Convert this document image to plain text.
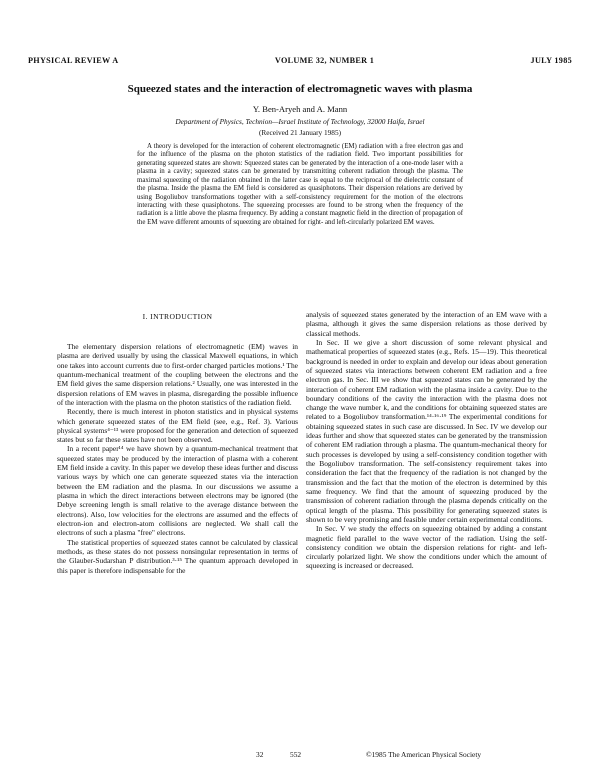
PHYSICAL REVIEW A	VOLUME 32, NUMBER 1	JULY 1985
Squeezed states and the interaction of electromagnetic waves with plasma
Y. Ben-Aryeh and A. Mann
Department of Physics, Technion—Israel Institute of Technology, 32000 Haifa, Israel
(Received 21 January 1985)

A theory is developed for the interaction of coherent electromagnetic (EM) radiation with a free electron gas and for the influence of the plasma on the photon statistics of the radiation field. Two important possibilities for generating squeezed states are shown: Squeezed states can be generated by the interaction of a one-mode laser with a plasma in a cavity; squeezed states can be generated by transmitting coherent radiation through the plasma. The maximal squeezing of the radiation obtained in the latter case is equal to the reciprocal of the dielectric constant of the plasma. Inside the plasma the EM field is considered as quasiphotons. Their dispersion relations are derived by using Bogoliubov transformations together with a self-consistency requirement for the motion of the electrons interacting with these quasiphotons. The squeezing processes are found to be strong when the frequency of the radiation is a little above the plasma frequency. By adding a constant magnetic field in the direction of propagation of the EM wave different amounts of squeezing are obtained for right- and left-circularly polarized EM waves.

I. INTRODUCTION

The elementary dispersion relations of electromagnetic (EM) waves in plasma are derived usually by using the classical Maxwell equations, in which one takes into account currents due to first-order charged particles motions.¹ The quantum-mechanical treatment of the coupling between the electrons and the EM field gives the same dispersion relations.² Usually, one was interested in the dispersion relations of EM waves in plasma, disregarding the possible influence of the interaction with the plasma on the photon statistics of the radiation field.

Recently, there is much interest in photon statistics and in physical systems which generate squeezed states of the EM field (see, e.g., Ref. 3). Various physical systems⁴⁻¹³ were proposed for the generation and detection of squeezed states but so far these states have not been observed.

In a recent paper¹⁴ we have shown by a quantum-mechanical treatment that squeezed states may be produced by the interaction of plasma with a coherent EM field inside a cavity. In this paper we develop these ideas further and discuss various ways by which one can generate squeezed states via the interaction between the EM radiation and the plasma. In our discussions we assume a plasma in which the direct interactions between electrons may be ignored (the Debye screening length is small relative to the average distance between the electrons). Also, low velocities for the electrons are assumed and the effects of electron-ion and electron-atom collisions are neglected. We shall call the electrons of such a plasma "free" electrons.

The statistical properties of squeezed states cannot be calculated by classical methods, as these states do not possess nonsingular representation in terms of the Glauber-Sudarshan P distribution.³·¹⁵ The quantum approach developed in this paper is therefore indispensable for the

analysis of squeezed states generated by the interaction of an EM wave with a plasma, although it gives the same dispersion relations as those derived by classical methods.

In Sec. II we give a short discussion of some relevant physical and mathematical properties of squeezed states (e.g., Refs. 15—19). This theoretical background is needed in order to explain and develop our ideas about generation of squeezed states via interactions between coherent EM radiation and a free electron gas. In Sec. III we show that squeezed states can be generated by the interaction of coherent EM radiation with the plasma inside a cavity. Due to the boundary conditions of the cavity the interaction with the plasma does not change the wave number k, and the conditions for obtaining squeezed states are related to a Bogoliubov transformation.¹⁴·¹⁶·¹⁹ The experimental conditions for obtaining squeezed states in such case are discussed. In Sec. IV we develop our ideas further and show that squeezed states can be generated by the transmission of coherent EM radiation through a plasma. The quantum-mechanical theory for such processes is developed by using a self-consistency condition together with the Bogoliubov transformation. The self-consistency requirement takes into consideration the fact that the frequency of the radiation is not changed by the transmission and the fact that the motion of the electron is determined by this same frequency. We find that the amount of squeezing produced by the transmission of coherent radiation through the plasma depends critically on the optical length of the plasma. This possibility for generating squeezed states is shown to be very promising and feasible under certain experimental conditions.

In Sec. V we study the effects on squeezing obtained by adding a constant magnetic field parallel to the wave vector of the radiation. Using the self-consistency condition we obtain the dispersion relations for right- and left-circularly polarized light. We show the conditions under which the amount of squeezing is increased or decreased.

32	552	©1985 The American Physical Society
